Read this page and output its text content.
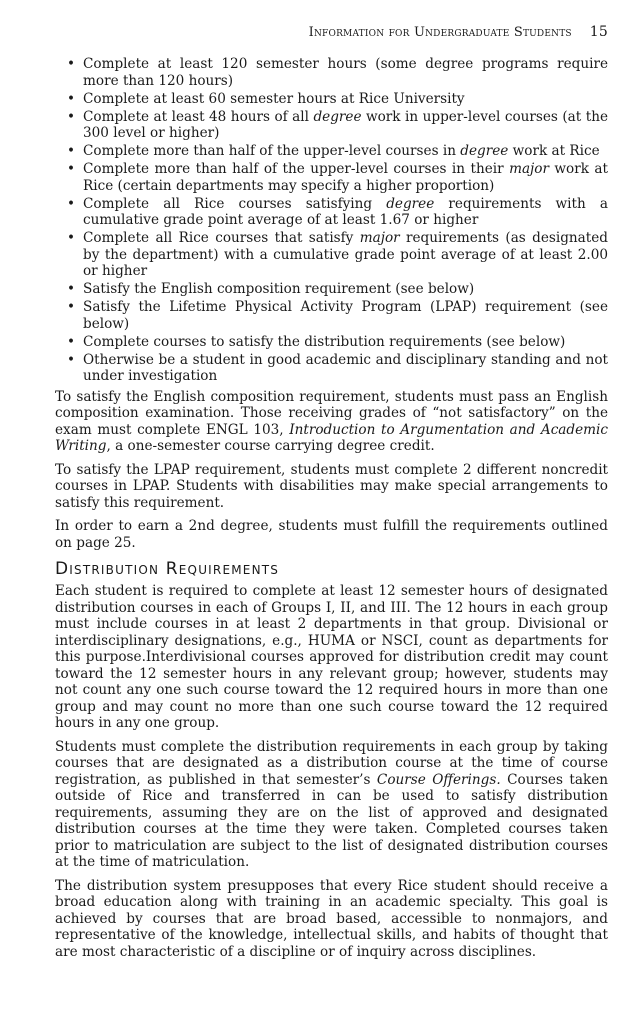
Information for Undergraduate Students 15
• Complete at least 120 semester hours (some degree programs require more than 120 hours)
• Complete at least 60 semester hours at Rice University
• Complete at least 48 hours of all degree work in upper-level courses (at the 300 level or higher)
• Complete more than half of the upper-level courses in degree work at Rice
• Complete more than half of the upper-level courses in their major work at Rice (certain departments may specify a higher proportion)
• Complete all Rice courses satisfying degree requirements with a cumulative grade point average of at least 1.67 or higher
• Complete all Rice courses that satisfy major requirements (as designated by the department) with a cumulative grade point average of at least 2.00 or higher
• Satisfy the English composition requirement (see below)
• Satisfy the Lifetime Physical Activity Program (LPAP) requirement (see below)
• Complete courses to satisfy the distribution requirements (see below)
• Otherwise be a student in good academic and disciplinary standing and not under investigation

To satisfy the English composition requirement, students must pass an English composition examination. Those receiving grades of “not satisfactory” on the exam must complete ENGL 103, Introduction to Argumentation and Academic Writing, a one-semester course carrying degree credit.

To satisfy the LPAP requirement, students must complete 2 different noncredit courses in LPAP. Students with disabilities may make special arrangements to satisfy this requirement.

In order to earn a 2nd degree, students must fulfill the requirements outlined on page 25.

Distribution Requirements

Each student is required to complete at least 12 semester hours of designated distribution courses in each of Groups I, II, and III. The 12 hours in each group must include courses in at least 2 departments in that group. Divisional or interdisciplinary designations, e.g., HUMA or NSCI, count as departments for this purpose.Interdivisional courses approved for distribution credit may count toward the 12 semester hours in any relevant group; however, students may not count any one such course toward the 12 required hours in more than one group and may count no more than one such course toward the 12 required hours in any one group.

Students must complete the distribution requirements in each group by taking courses that are designated as a distribution course at the time of course registration, as published in that semester’s Course Offerings. Courses taken outside of Rice and transferred in can be used to satisfy distribution requirements, assuming they are on the list of approved and designated distribution courses at the time they were taken. Completed courses taken prior to matriculation are subject to the list of designated distribution courses at the time of matriculation.

The distribution system presupposes that every Rice student should receive a broad education along with training in an academic specialty. This goal is achieved by courses that are broad based, accessible to nonmajors, and representative of the knowledge, intellectual skills, and habits of thought that are most characteristic of a discipline or of inquiry across disciplines.
